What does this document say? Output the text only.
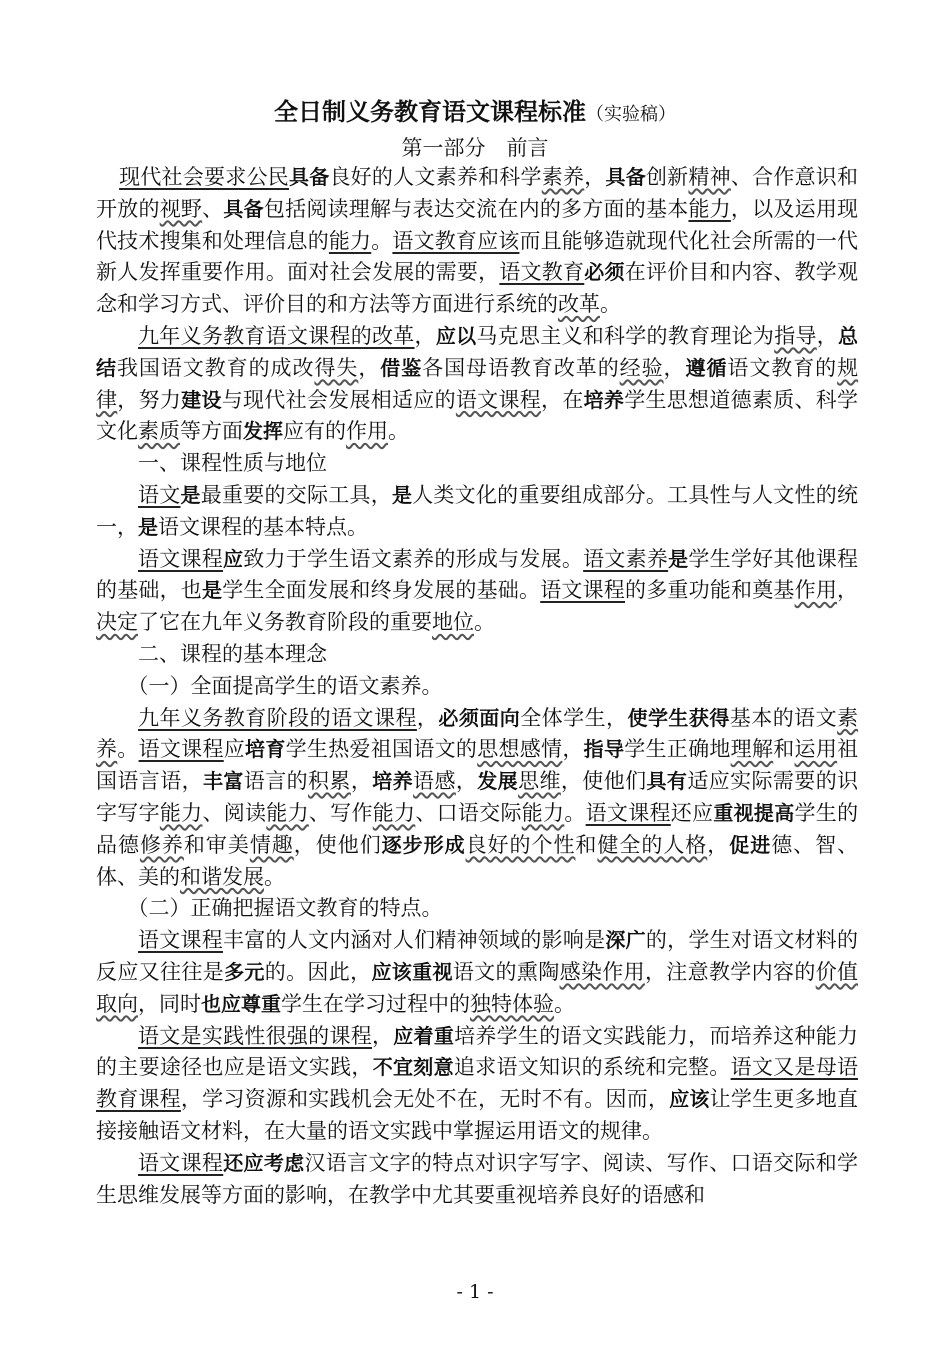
全日制义务教育语文课程标准（实验稿）
第一部分　前言

现代社会要求公民具备良好的人文素养和科学素养，具备创新精神、合作意识和开放的视野、具备包括阅读理解与表达交流在内的多方面的基本能力，以及运用现代技术搜集和处理信息的能力。语文教育应该而且能够造就现代化社会所需的一代新人发挥重要作用。面对社会发展的需要，语文教育必须在评价目和内容、教学观念和学习方式、评价目的和方法等方面进行系统的改革。

九年义务教育语文课程的改革，应以马克思主义和科学的教育理论为指导，总结我国语文教育的成改得失，借鉴各国母语教育改革的经验，遵循语文教育的规律，努力建设与现代社会发展相适应的语文课程，在培养学生思想道德素质、科学文化素质等方面发挥应有的作用。

一、课程性质与地位

语文是最重要的交际工具，是人类文化的重要组成部分。工具性与人文性的统一，是语文课程的基本特点。

语文课程应致力于学生语文素养的形成与发展。语文素养是学生学好其他课程的基础，也是学生全面发展和终身发展的基础。语文课程的多重功能和奠基作用，决定了它在九年义务教育阶段的重要地位。

二、课程的基本理念

（一）全面提高学生的语文素养。

九年义务教育阶段的语文课程，必须面向全体学生，使学生获得基本的语文素养。语文课程应培育学生热爱祖国语文的思想感情，指导学生正确地理解和运用祖国语言语，丰富语言的积累，培养语感，发展思维，使他们具有适应实际需要的识字写字能力、阅读能力、写作能力、口语交际能力。语文课程还应重视提高学生的品德修养和审美情趣，使他们逐步形成良好的个性和健全的人格，促进德、智、体、美的和谐发展。

（二）正确把握语文教育的特点。

语文课程丰富的人文内涵对人们精神领域的影响是深广的，学生对语文材料的反应又往往是多元的。因此，应该重视语文的熏陶感染作用，注意教学内容的价值取向，同时也应尊重学生在学习过程中的独特体验。

语文是实践性很强的课程，应着重培养学生的语文实践能力，而培养这种能力的主要途径也应是语文实践，不宜刻意追求语文知识的系统和完整。语文又是母语教育课程，学习资源和实践机会无处不在，无时不有。因而，应该让学生更多地直接接触语文材料，在大量的语文实践中掌握运用语文的规律。

语文课程还应考虑汉语言文字的特点对识字写字、阅读、写作、口语交际和学生思维发展等方面的影响，在教学中尤其要重视培养良好的语感和

- 1 -
